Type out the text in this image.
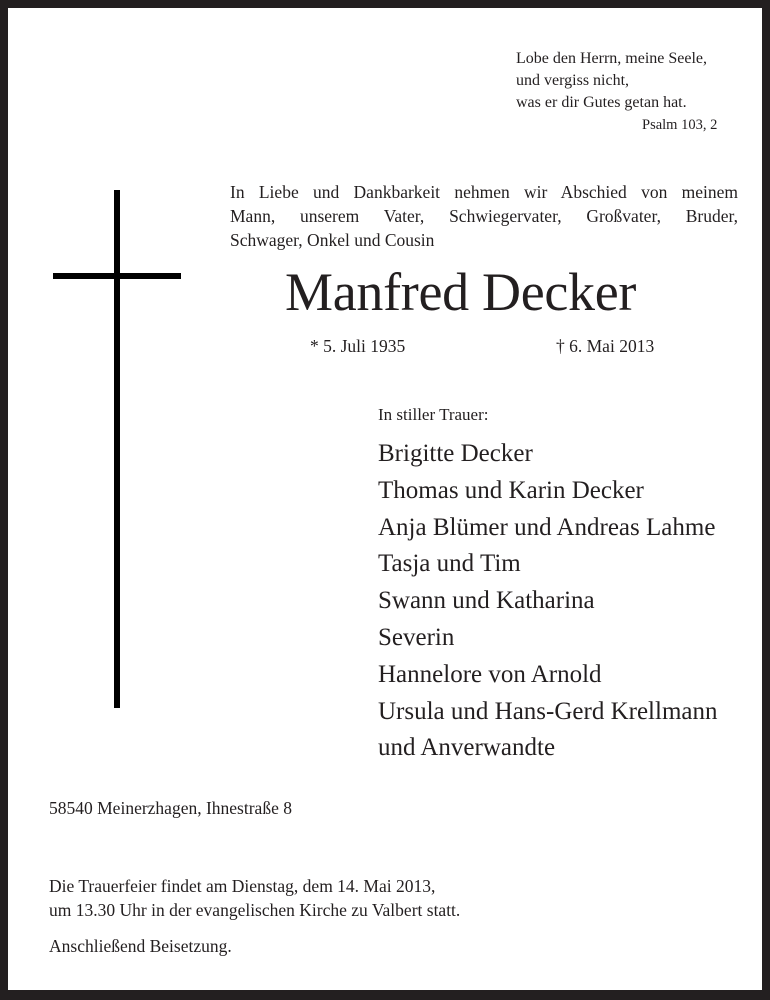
Lobe den Herrn, meine Seele,
und vergiss nicht,
was er dir Gutes getan hat.
Psalm 103, 2
In Liebe und Dankbarkeit nehmen wir Abschied von meinem
Mann, unserem Vater, Schwiegervater, Großvater, Bruder,
Schwager, Onkel und Cousin
Manfred Decker
* 5. Juli 1935	† 6. Mai 2013
In stiller Trauer:
Brigitte Decker
Thomas und Karin Decker
Anja Blümer und Andreas Lahme
Tasja und Tim
Swann und Katharina
Severin
Hannelore von Arnold
Ursula und Hans-Gerd Krellmann
und Anverwandte
58540 Meinerzhagen, Ihnestraße 8
Die Trauerfeier findet am Dienstag, dem 14. Mai 2013,
um 13.30 Uhr in der evangelischen Kirche zu Valbert statt.
Anschließend Beisetzung.
